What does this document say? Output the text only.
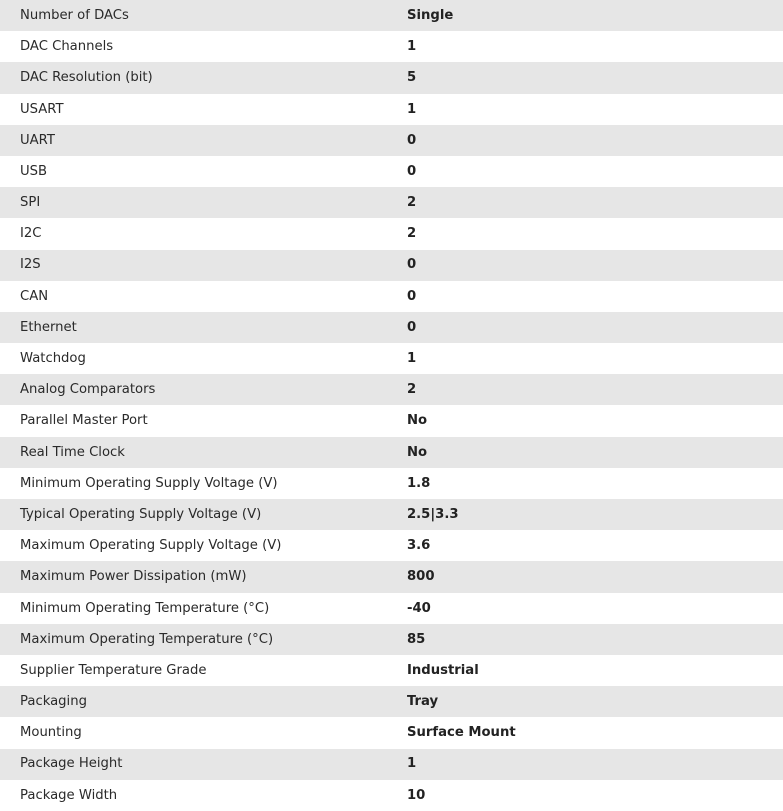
Number of DACs	Single
DAC Channels	1
DAC Resolution (bit)	5
USART	1
UART	0
USB	0
SPI	2
I2C	2
I2S	0
CAN	0
Ethernet	0
Watchdog	1
Analog Comparators	2
Parallel Master Port	No
Real Time Clock	No
Minimum Operating Supply Voltage (V)	1.8
Typical Operating Supply Voltage (V)	2.5|3.3
Maximum Operating Supply Voltage (V)	3.6
Maximum Power Dissipation (mW)	800
Minimum Operating Temperature (°C)	-40
Maximum Operating Temperature (°C)	85
Supplier Temperature Grade	Industrial
Packaging	Tray
Mounting	Surface Mount
Package Height	1
Package Width	10
